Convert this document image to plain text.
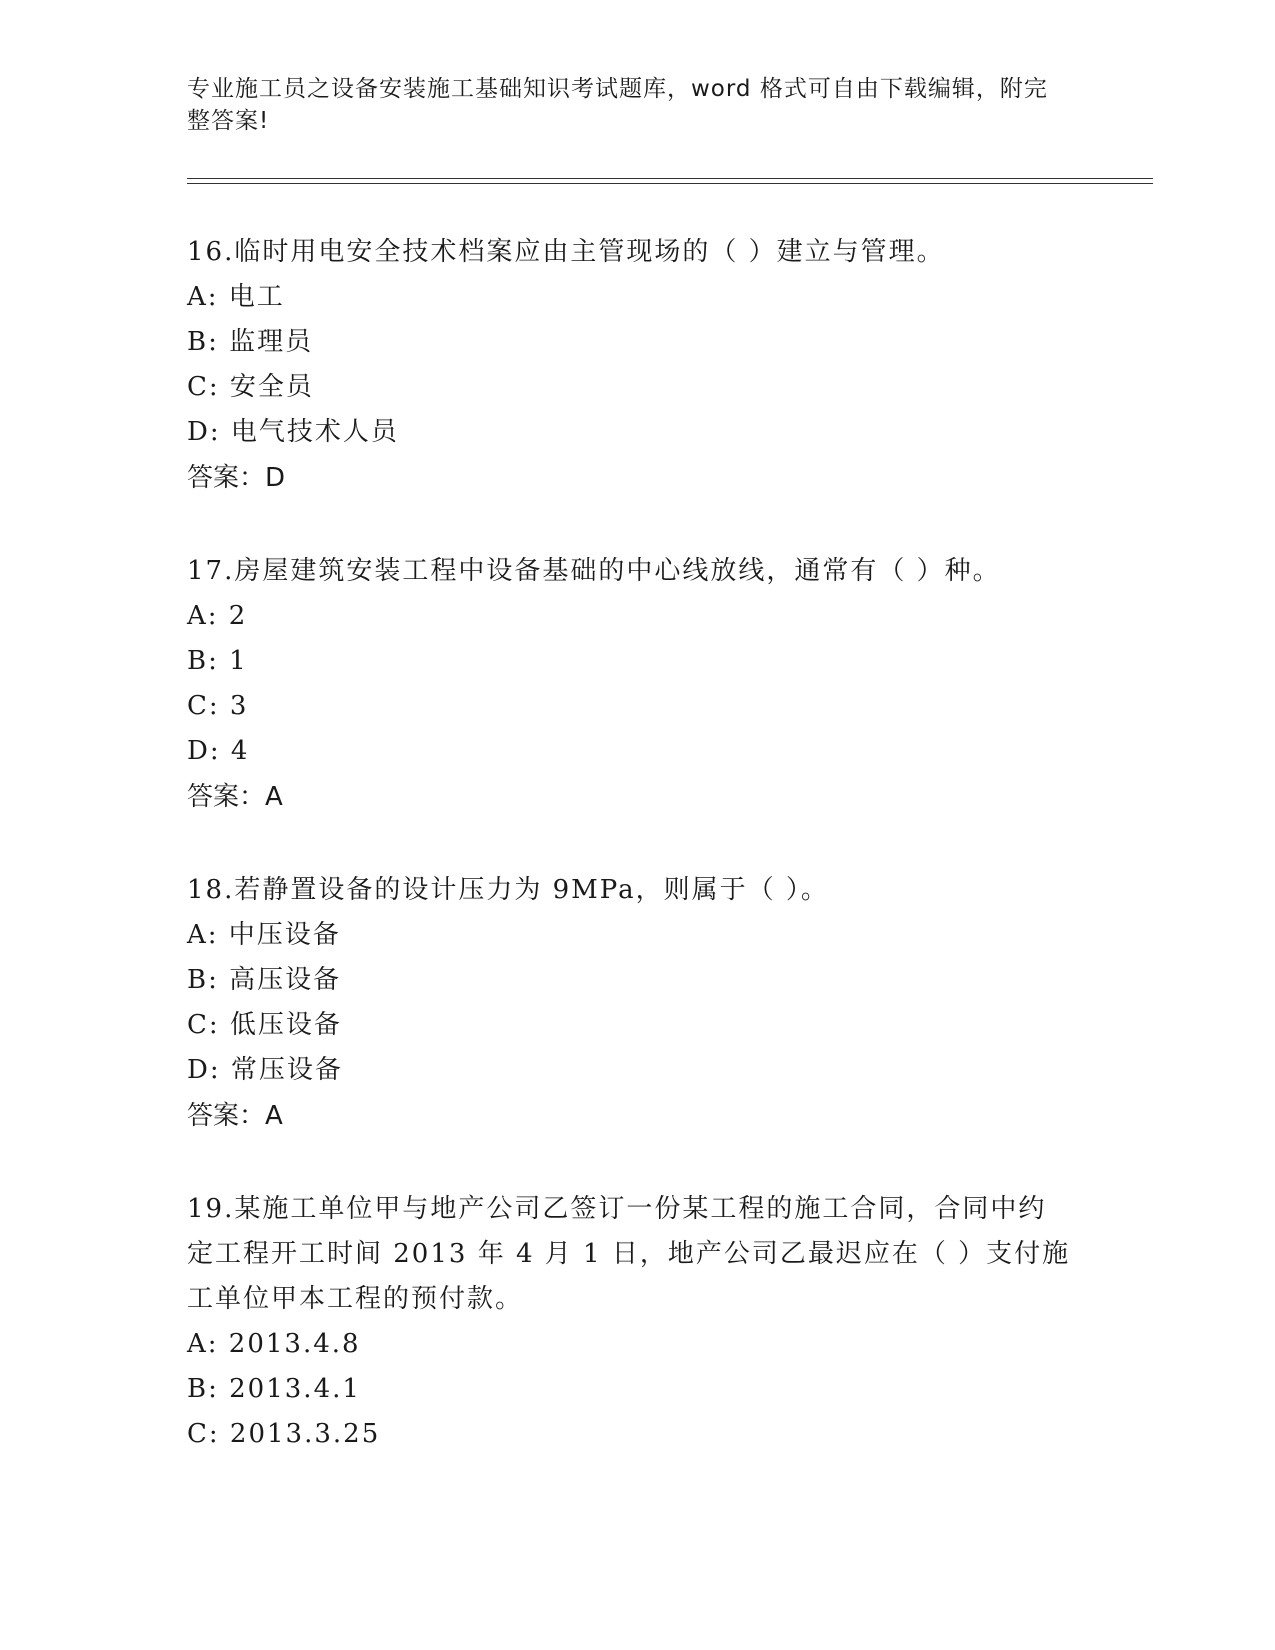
专业施工员之设备安装施工基础知识考试题库，word 格式可自由下载编辑，附完
整答案!

16.临时用电安全技术档案应由主管现场的（ ）建立与管理。

A: 电工

B: 监理员

C: 安全员

D: 电气技术人员

答案：D

17.房屋建筑安装工程中设备基础的中心线放线，通常有（ ）种。

A: 2

B: 1

C: 3

D: 4

答案：A

18.若静置设备的设计压力为 9MPa，则属于（ ）。

A: 中压设备

B: 高压设备

C: 低压设备

D: 常压设备

答案：A

19.某施工单位甲与地产公司乙签订一份某工程的施工合同，合同中约

定工程开工时间 2013 年 4 月 1 日，地产公司乙最迟应在（ ）支付施

工单位甲本工程的预付款。

A: 2013.4.8

B: 2013.4.1

C: 2013.3.25
